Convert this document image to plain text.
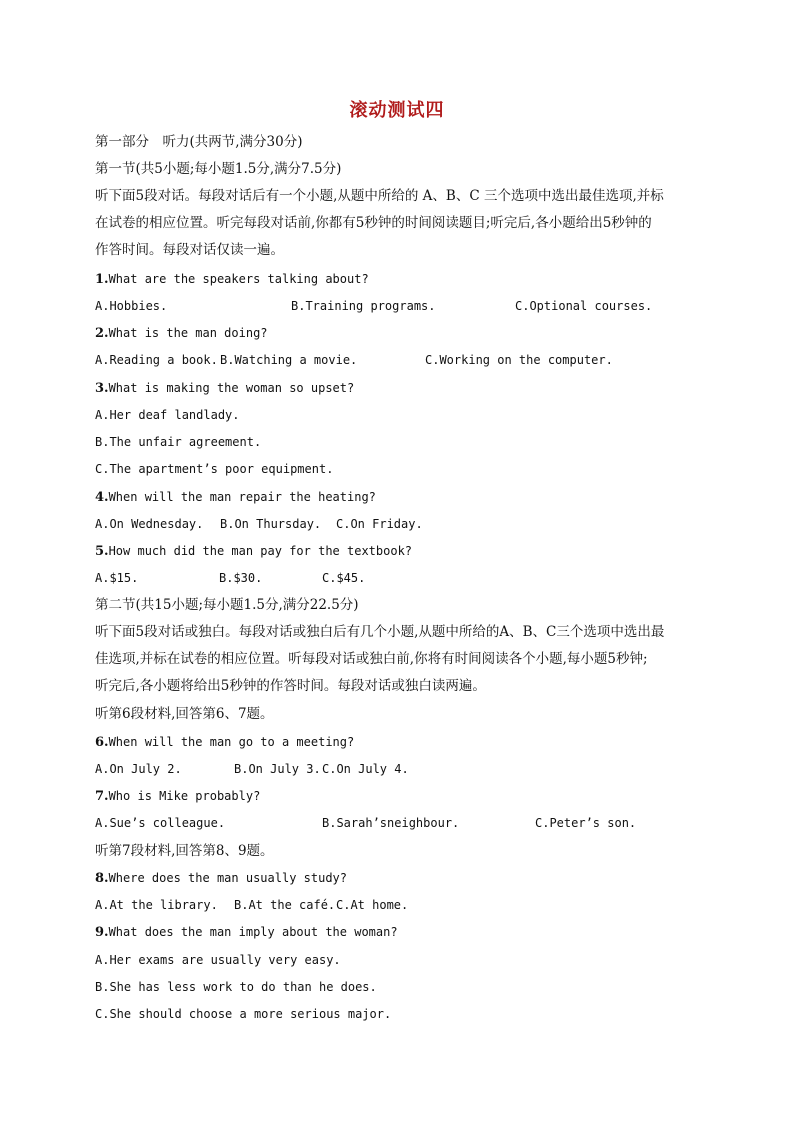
滚动测试四
第一部分　听力(共两节,满分30分)
第一节(共5小题;每小题1.5分,满分7.5分)
听下面5段对话。每段对话后有一个小题,从题中所给的 A、B、C 三个选项中选出最佳选项,并标
在试卷的相应位置。听完每段对话前,你都有5秒钟的时间阅读题目;听完后,各小题给出5秒钟的
作答时间。每段对话仅读一遍。
1.What are the speakers talking about?
A.Hobbies.	B.Training programs.	C.Optional courses.
2.What is the man doing?
A.Reading a book. B.Watching a movie.	C.Working on the computer.
3.What is making the woman so upset?
A.Her deaf landlady.
B.The unfair agreement.
C.The apartment’s poor equipment.
4.When will the man repair the heating?
A.On Wednesday. B.On Thursday. C.On Friday.
5.How much did the man pay for the textbook?
A.$15.	B.$30.	C.$45.
第二节(共15小题;每小题1.5分,满分22.5分)
听下面5段对话或独白。每段对话或独白后有几个小题,从题中所给的A、B、C三个选项中选出最
佳选项,并标在试卷的相应位置。听每段对话或独白前,你将有时间阅读各个小题,每小题5秒钟;
听完后,各小题将给出5秒钟的作答时间。每段对话或独白读两遍。
听第6段材料,回答第6、7题。
6.When will the man go to a meeting?
A.On July 2.	B.On July 3. C.On July 4.
7.Who is Mike probably?
A.Sue’s colleague.	B.Sarah’sneighbour.	C.Peter’s son.
听第7段材料,回答第8、9题。
8.Where does the man usually study?
A.At the library. B.At the café. C.At home.
9.What does the man imply about the woman?
A.Her exams are usually very easy.
B.She has less work to do than he does.
C.She should choose a more serious major.
